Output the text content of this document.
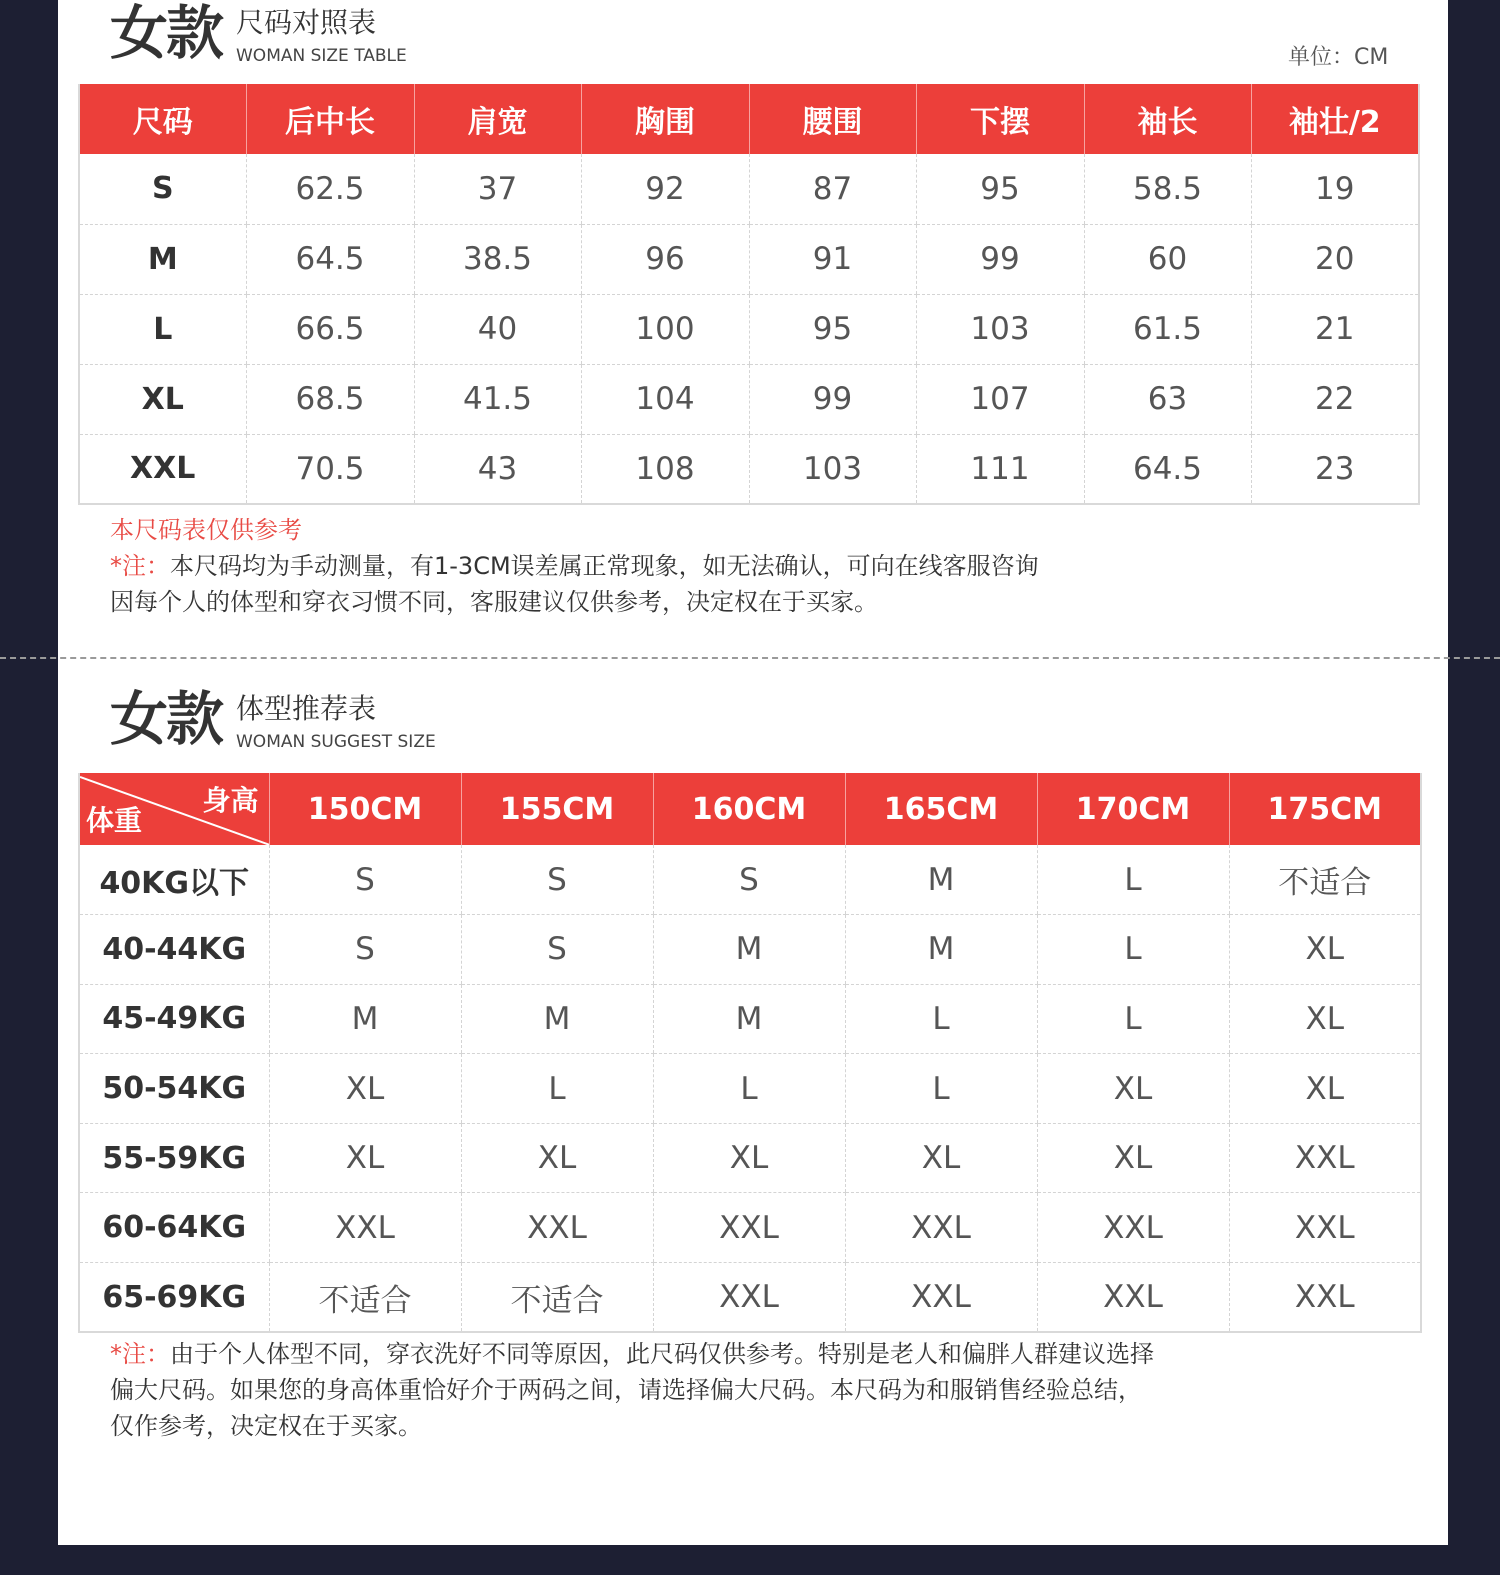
女款 尺码对照表
WOMAN SIZE TABLE	单位：CM
尺码	后中长	肩宽	胸围	腰围	下摆	袖长	袖壮/2
S	62.5	37	92	87	95	58.5	19
M	64.5	38.5	96	91	99	60	20
L	66.5	40	100	95	103	61.5	21
XL	68.5	41.5	104	99	107	63	22
XXL	70.5	43	108	103	111	64.5	23
本尺码表仅供参考
*注：本尺码均为手动测量，有1-3CM误差属正常现象，如无法确认，可向在线客服咨询
因每个人的体型和穿衣习惯不同，客服建议仅供参考，决定权在于买家。
女款 体型推荐表
WOMAN SUGGEST SIZE
身高
体重	150CM	155CM	160CM	165CM	170CM	175CM
40KG以下	S	S	S	M	L	不适合
40-44KG	S	S	M	M	L	XL
45-49KG	M	M	M	L	L	XL
50-54KG	XL	L	L	L	XL	XL
55-59KG	XL	XL	XL	XL	XL	XXL
60-64KG	XXL	XXL	XXL	XXL	XXL	XXL
65-69KG	不适合	不适合	XXL	XXL	XXL	XXL
*注：由于个人体型不同，穿衣洗好不同等原因，此尺码仅供参考。特别是老人和偏胖人群建议选择
偏大尺码。如果您的身高体重恰好介于两码之间，请选择偏大尺码。本尺码为和服销售经验总结，
仅作参考，决定权在于买家。
